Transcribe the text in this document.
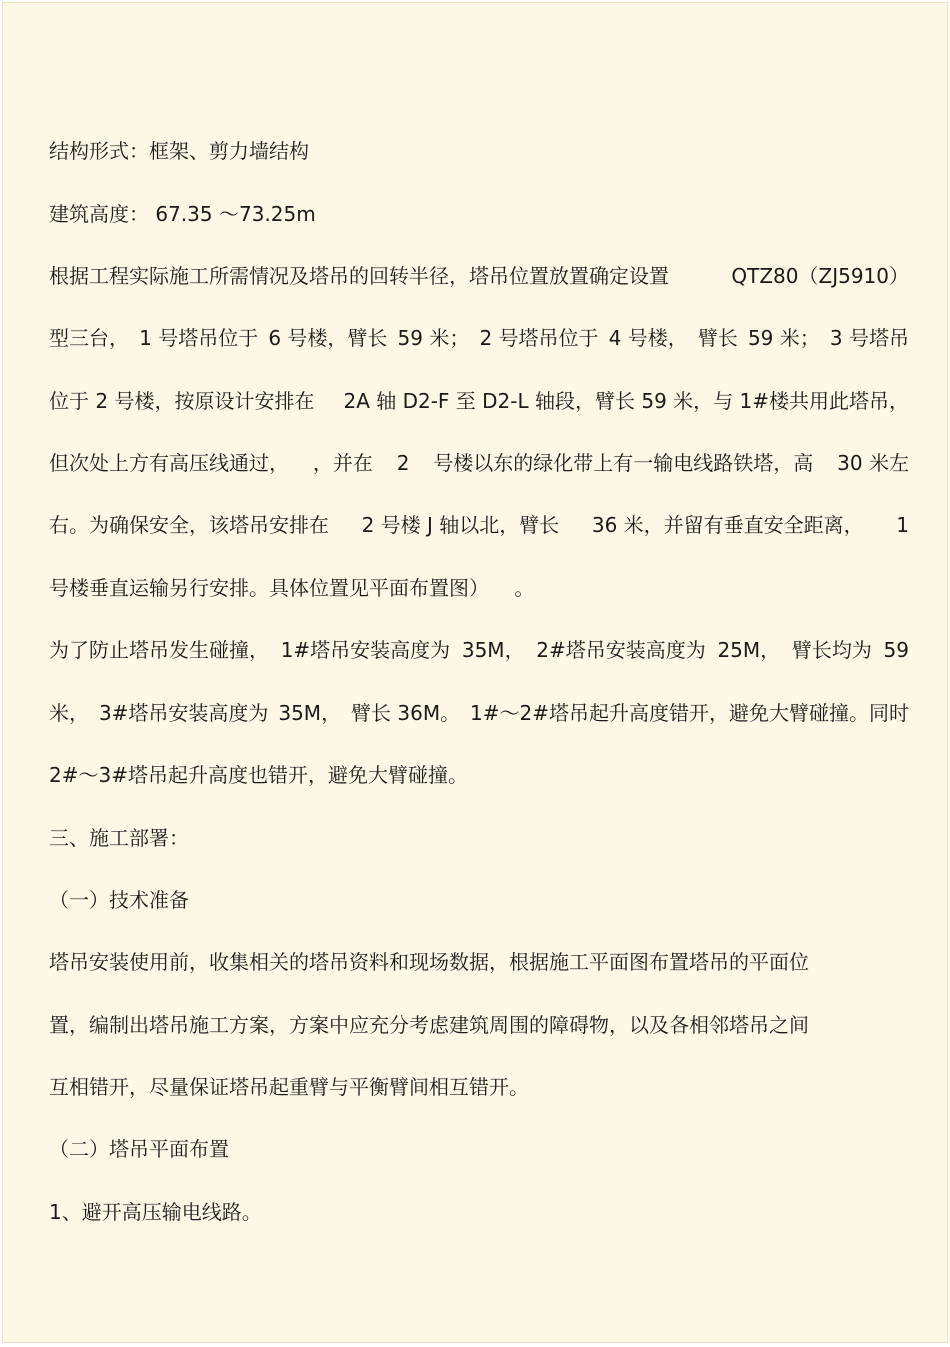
结构形式：框架、剪力墙结构
建筑高度： 67.35 ～73.25m
根据工程实际施工所需情况及塔吊的回转半径，塔吊位置放置确定设置	QTZ80（ZJ5910）
型三台， 1 号塔吊位于 6 号楼，臂长 59 米； 2 号塔吊位于 4 号楼， 臂长 59 米； 3 号塔吊
位于 2 号楼，按原设计安排在 2A 轴 D2-F 至 D2-L 轴段，臂长 59 米，与 1#楼共用此塔吊，
但次处上方有高压线通过， ，并在 2 号楼以东的绿化带上有一输电线路铁塔，高 30 米左
右。为确保安全，该塔吊安排在 2 号楼 J 轴以北，臂长 36 米，并留有垂直安全距离， 1
号楼垂直运输另行安排。具体位置见平面布置图）    。
为了防止塔吊发生碰撞， 1#塔吊安装高度为 35M， 2#塔吊安装高度为 25M， 臂长均为 59
米， 3#塔吊安装高度为 35M， 臂长 36M。 1#～2#塔吊起升高度错开，避免大臂碰撞。同时
2#～3#塔吊起升高度也错开，避免大臂碰撞。
三、施工部署：
（一）技术准备
塔吊安装使用前，收集相关的塔吊资料和现场数据，根据施工平面图布置塔吊的平面位
置，编制出塔吊施工方案，方案中应充分考虑建筑周围的障碍物，以及各相邻塔吊之间
互相错开，尽量保证塔吊起重臂与平衡臂间相互错开。
（二）塔吊平面布置
1、避开高压输电线路。
